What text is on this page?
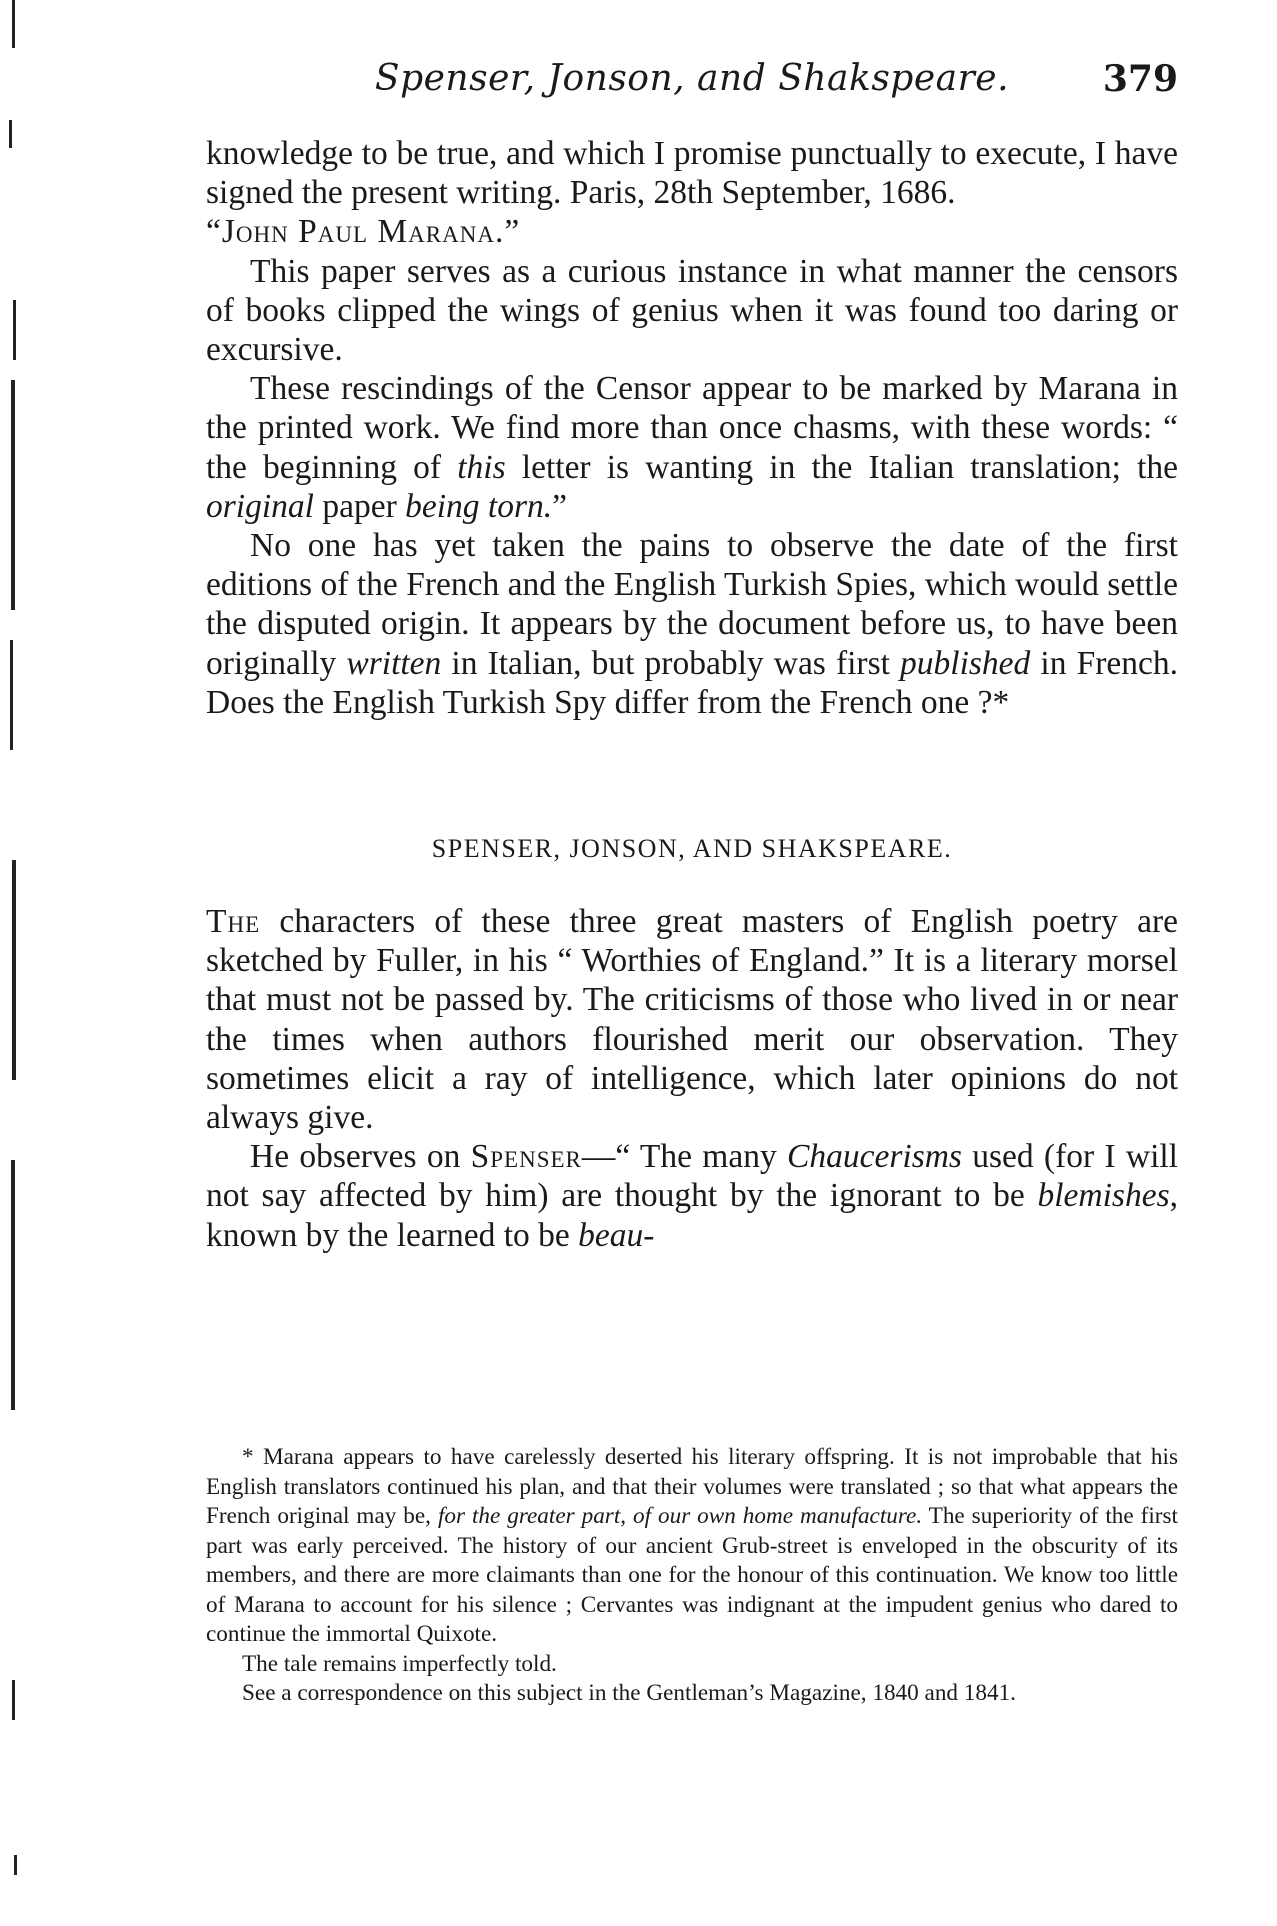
Spenser, Jonson, and Shakspeare.	379

knowledge to be true, and which I promise punctually to execute, I have signed the present writing. Paris, 28th September, 1686.

“John Paul Marana.”

This paper serves as a curious instance in what manner the censors of books clipped the wings of genius when it was found too daring or excursive.

These rescindings of the Censor appear to be marked by Marana in the printed work. We find more than once chasms, with these words: “ the beginning of this letter is wanting in the Italian translation; the original paper being torn.”

No one has yet taken the pains to observe the date of the first editions of the French and the English Turkish Spies, which would settle the disputed origin. It appears by the document before us, to have been originally written in Italian, but probably was first published in French. Does the English Turkish Spy differ from the French one ?*

SPENSER, JONSON, AND SHAKSPEARE.

The characters of these three great masters of English poetry are sketched by Fuller, in his “ Worthies of England.” It is a literary morsel that must not be passed by. The criticisms of those who lived in or near the times when authors flourished merit our observation. They sometimes elicit a ray of intelligence, which later opinions do not always give.

He observes on Spenser—“ The many Chaucerisms used (for I will not say affected by him) are thought by the ignorant to be blemishes, known by the learned to be beau-

* Marana appears to have carelessly deserted his literary offspring. It is not improbable that his English translators continued his plan, and that their volumes were translated ; so that what appears the French original may be, for the greater part, of our own home manufacture. The superiority of the first part was early perceived. The history of our ancient Grub-street is enveloped in the obscurity of its members, and there are more claimants than one for the honour of this continuation. We know too little of Marana to account for his silence ; Cervantes was indignant at the impudent genius who dared to continue the immortal Quixote.

The tale remains imperfectly told.

See a correspondence on this subject in the Gentleman’s Magazine, 1840 and 1841.
